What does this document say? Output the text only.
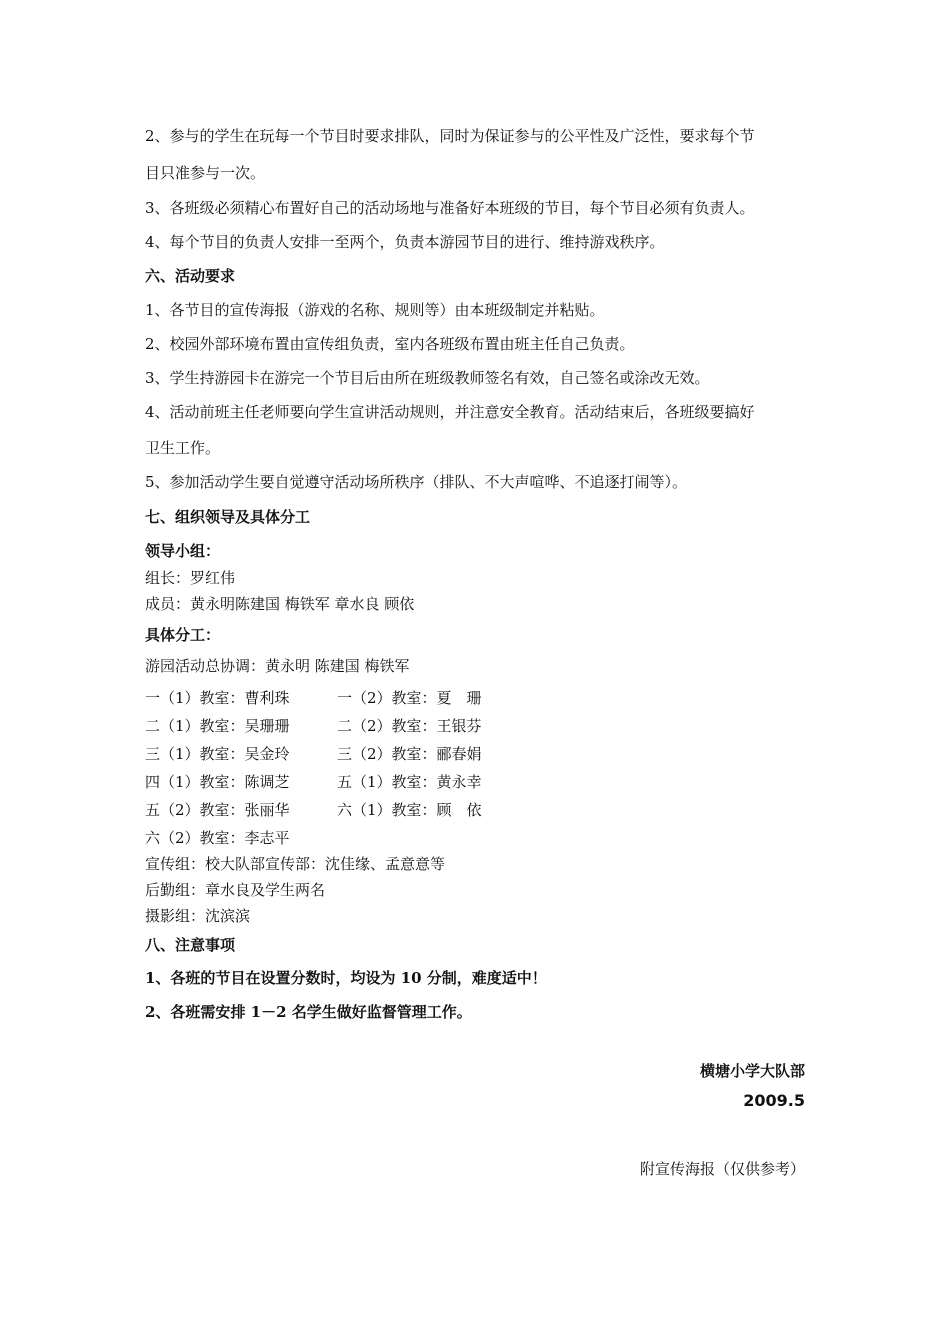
2、参与的学生在玩每一个节目时要求排队，同时为保证参与的公平性及广泛性，要求每个节
目只准参与一次。
3、各班级必须精心布置好自己的活动场地与准备好本班级的节目，每个节目必须有负责人。
4、每个节目的负责人安排一至两个，负责本游园节目的进行、维持游戏秩序。
六、活动要求
1、各节目的宣传海报（游戏的名称、规则等）由本班级制定并粘贴。
2、校园外部环境布置由宣传组负责，室内各班级布置由班主任自己负责。
3、学生持游园卡在游完一个节目后由所在班级教师签名有效，自己签名或涂改无效。
4、活动前班主任老师要向学生宣讲活动规则，并注意安全教育。活动结束后，各班级要搞好
卫生工作。
5、参加活动学生要自觉遵守活动场所秩序（排队、不大声喧哗、不追逐打闹等）。
七、组织领导及具体分工
领导小组：
组长：罗红伟
成员：黄永明陈建国 梅铁军 章水良 顾依
具体分工：
游园活动总协调：黄永明 陈建国 梅铁军
一（1）教室：曹利珠	一（2）教室：夏　珊
二（1）教室：吴珊珊	二（2）教室：王银芬
三（1）教室：吴金玲	三（2）教室：郦春娟
四（1）教室：陈调芝	五（1）教室：黄永幸
五（2）教室：张丽华	六（1）教室：顾　依
六（2）教室：李志平
宣传组：校大队部宣传部：沈佳缘、孟意意等
后勤组：章水良及学生两名
摄影组：沈滨滨
八、注意事项
1、各班的节目在设置分数时，均设为 10 分制，难度适中！
2、各班需安排 1－2 名学生做好监督管理工作。
横塘小学大队部
2009.5
附宣传海报（仅供参考）
